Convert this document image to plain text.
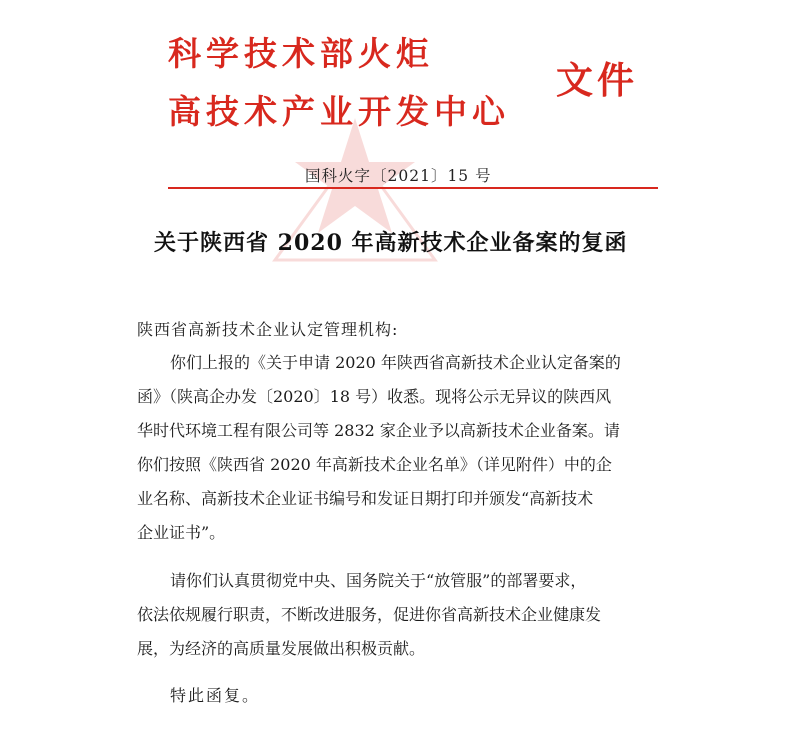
科学技术部火炬
高技术产业开发中心
文件
国科火字〔2021〕15 号
关于陕西省 2020 年高新技术企业备案的复函
陕西省高新技术企业认定管理机构:
你们上报的《关于申请 2020 年陕西省高新技术企业认定备案的
函》（陕高企办发〔2020〕18 号）收悉。现将公示无异议的陕西风
华时代环境工程有限公司等 2832 家企业予以高新技术企业备案。请
你们按照《陕西省 2020 年高新技术企业名单》（详见附件）中的企
业名称、高新技术企业证书编号和发证日期打印并颁发“高新技术
企业证书”。
请你们认真贯彻党中央、国务院关于“放管服”的部署要求，
依法依规履行职责，不断改进服务，促进你省高新技术企业健康发
展，为经济的高质量发展做出积极贡献。
特此函复。
